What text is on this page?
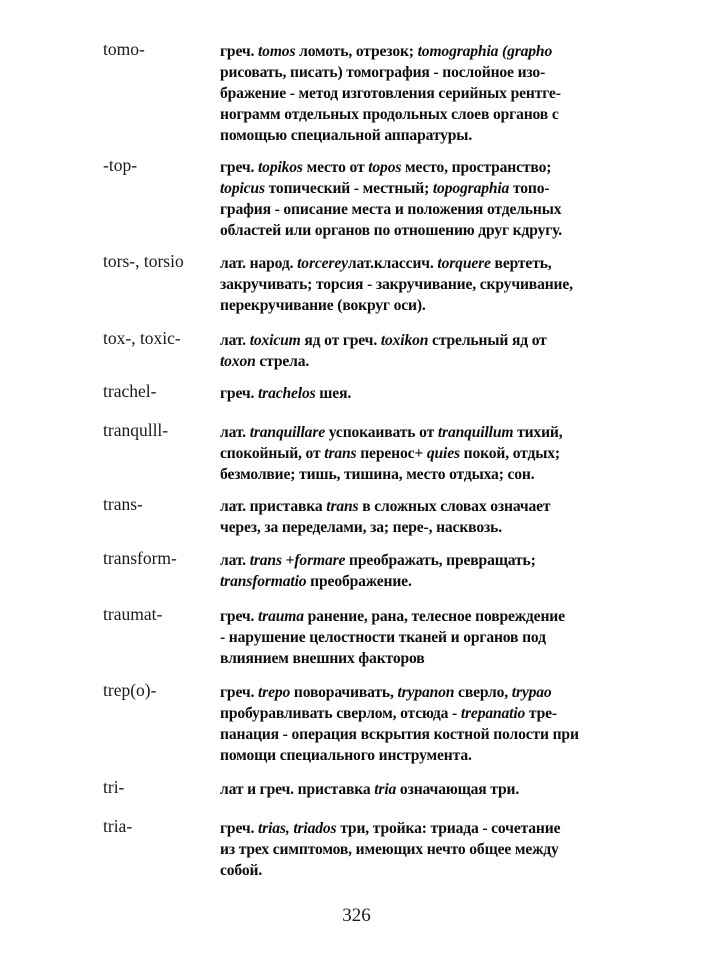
tomo-	греч. tomos ломоть, отрезок; tomographia (grapho
рисовать, писать) томография - послойное изо-
бражение - метод изготовления серийных рентге-
нограмм отдельных продольных слоев органов с
помощью специальной аппаратуры.
-top-	греч. topikos место от topos место, пространство;
topicus топический - местный; topographia топо-
графия - описание места и положения отдельных
областей или органов по отношению друг кдругу.
tors-, torsio	лат. народ. torcereyлат.классич. torquere вертеть,
закручивать; торсия - закручивание, скручивание,
перекручивание (вокруг оси).
tox-, toxic-	лат. toxicum яд от греч. toxikon стрельный яд от
toxon стрела.
trachel-	греч. trachelos шея.
tranqulll-	лат. tranquillare успокаивать от tranquillum тихий,
спокойный, от trans перенос+ quies покой, отдых;
безмолвие; тишь, тишина, место отдыха; сон.
trans-	лат. приставка trans в сложных словах означает
через, за переделами, за; пере-, насквозь.
transform-	лат. trans +formare преображать, превращать;
transformatio преображение.
traumat-	греч. trauma ранение, рана, телесное повреждение
- нарушение целостности тканей и органов под
влиянием внешних факторов
trep(o)-	греч. trepo поворачивать, trypanon сверло, trypao
пробуравливать сверлом, отсюда - trepanatio тре-
панация - операция вскрытия костной полости при
помощи специального инструмента.
tri-	лат и греч. приставка tria означающая три.
tria-	греч. trias, triados три, тройка: триада - сочетание
из трех симптомов, имеющих нечто общее между
собой.
326
